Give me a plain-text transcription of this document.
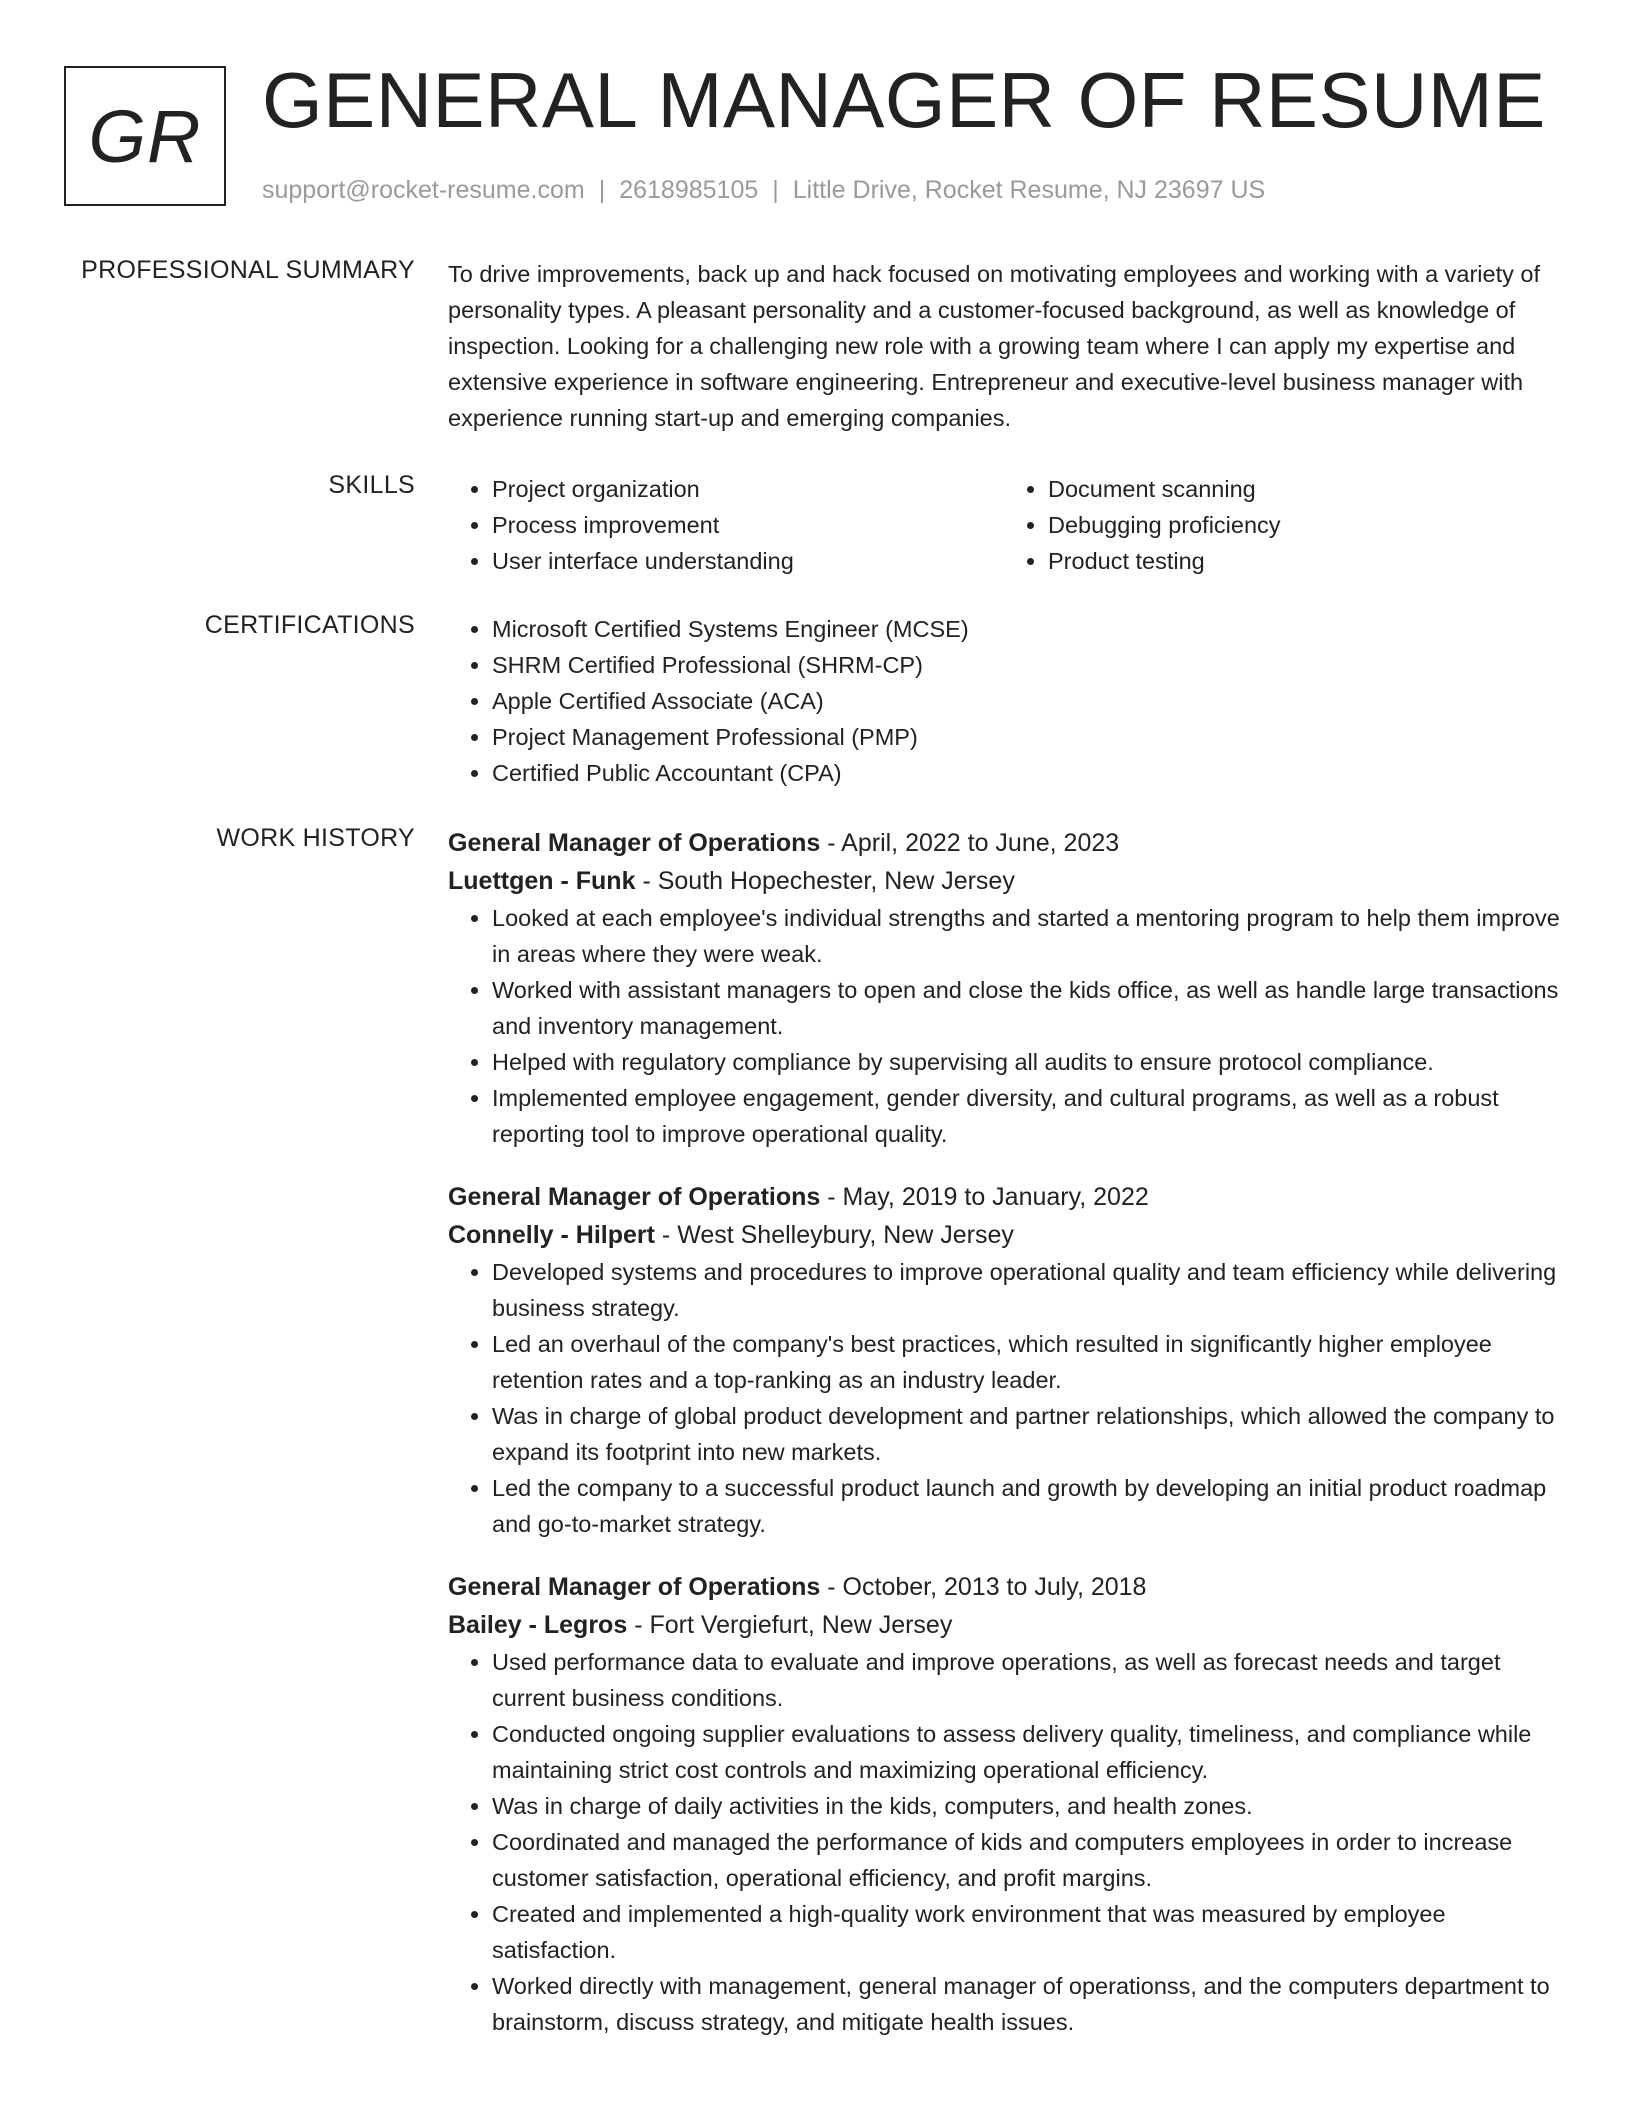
GR GENERAL MANAGER OF RESUME
support@rocket-resume.com | 2618985105 | Little Drive, Rocket Resume, NJ 23697 US
PROFESSIONAL SUMMARY To drive improvements, back up and hack focused on motivating employees and working with a variety of personality types. A pleasant personality and a customer-focused background, as well as knowledge of inspection. Looking for a challenging new role with a growing team where I can apply my expertise and extensive experience in software engineering. Entrepreneur and executive-level business manager with experience running start-up and emerging companies.

SKILLS	• Project organization
• Process improvement
• User interface understanding
• Document scanning
• Debugging proficiency
• Product testing
CERTIFICATIONS	• Microsoft Certified Systems Engineer (MCSE)
• SHRM Certified Professional (SHRM-CP)
• Apple Certified Associate (ACA)
• Project Management Professional (PMP)
• Certified Public Accountant (CPA)
WORK HISTORY General Manager of Operations - April, 2022 to June, 2023
Luettgen - Funk - South Hopechester, New Jersey
• Looked at each employee's individual strengths and started a mentoring program to help them improve in areas where they were weak.
• Worked with assistant managers to open and close the kids office, as well as handle large transactions and inventory management.
• Helped with regulatory compliance by supervising all audits to ensure protocol compliance.
• Implemented employee engagement, gender diversity, and cultural programs, as well as a robust reporting tool to improve operational quality.
General Manager of Operations - May, 2019 to January, 2022
Connelly - Hilpert - West Shelleybury, New Jersey
• Developed systems and procedures to improve operational quality and team efficiency while delivering business strategy.
• Led an overhaul of the company's best practices, which resulted in significantly higher employee retention rates and a top-ranking as an industry leader.
• Was in charge of global product development and partner relationships, which allowed the company to expand its footprint into new markets.
• Led the company to a successful product launch and growth by developing an initial product roadmap and go-to-market strategy.
General Manager of Operations - October, 2013 to July, 2018
Bailey - Legros - Fort Vergiefurt, New Jersey
• Used performance data to evaluate and improve operations, as well as forecast needs and target current business conditions.
• Conducted ongoing supplier evaluations to assess delivery quality, timeliness, and compliance while maintaining strict cost controls and maximizing operational efficiency.
• Was in charge of daily activities in the kids, computers, and health zones.
• Coordinated and managed the performance of kids and computers employees in order to increase customer satisfaction, operational efficiency, and profit margins.
• Created and implemented a high-quality work environment that was measured by employee satisfaction.
• Worked directly with management, general manager of operationss, and the computers department to brainstorm, discuss strategy, and mitigate health issues.
